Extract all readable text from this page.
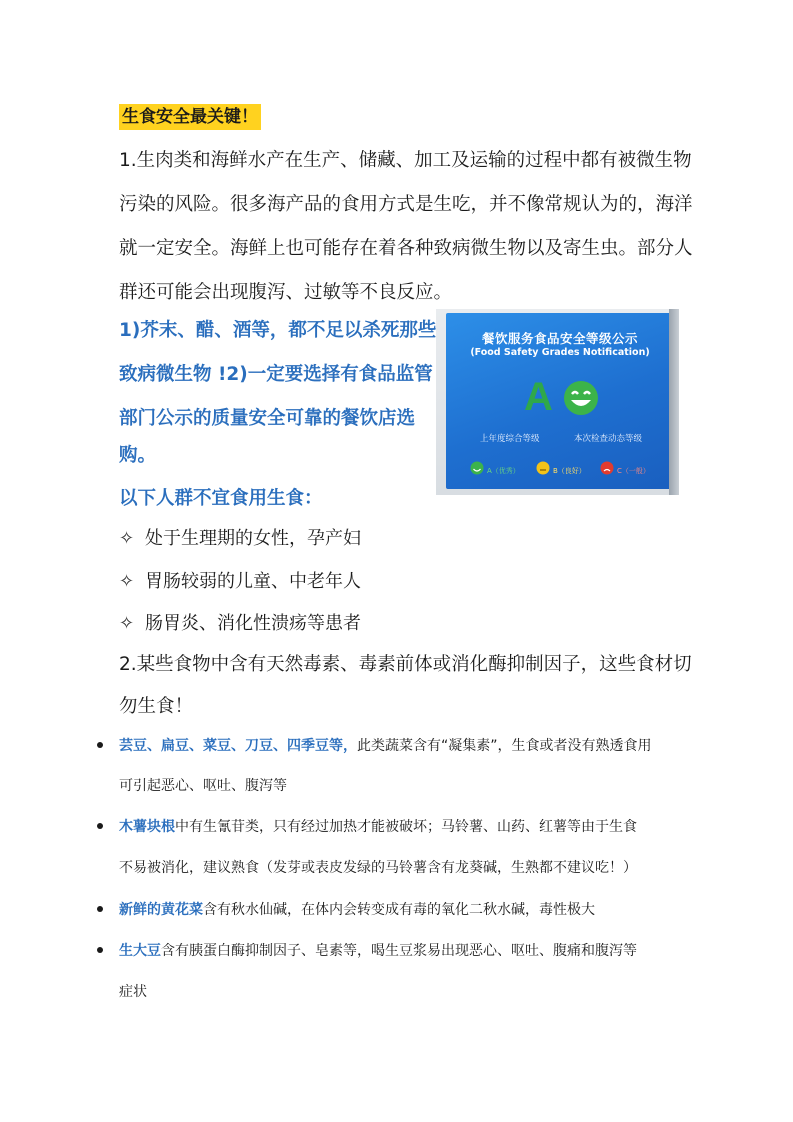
生食安全最关键！
1.生肉类和海鲜水产在生产、储藏、加工及运输的过程中都有被微生物
污染的风险。很多海产品的食用方式是生吃，并不像常规认为的，海洋
就一定安全。海鲜上也可能存在着各种致病微生物以及寄生虫。部分人
群还可能会出现腹泻、过敏等不良反应。
1)芥末、醋、酒等，都不足以杀死那些
致病微生物 !2)一定要选择有食品监管
部门公示的质量安全可靠的餐饮店选
购。
以下人群不宜食用生食：
✧ 处于生理期的女性，孕产妇
✧ 胃肠较弱的儿童、中老年人
✧ 肠胃炎、消化性溃疡等患者
2.某些食物中含有天然毒素、毒素前体或消化酶抑制因子，这些食材切
勿生食！
芸豆、扁豆、菜豆、刀豆、四季豆等，此类蔬菜含有“凝集素”，生食或者没有熟透食用
可引起恶心、呕吐、腹泻等
木薯块根中有生氰苷类，只有经过加热才能被破坏；马铃薯、山药、红薯等由于生食
不易被消化，建议熟食（发芽或表皮发绿的马铃薯含有龙葵碱，生熟都不建议吃！）
新鲜的黄花菜含有秋水仙碱，在体内会转变成有毒的氧化二秋水碱，毒性极大
生大豆含有胰蛋白酶抑制因子、皂素等，喝生豆浆易出现恶心、呕吐、腹痛和腹泻等
症状
餐饮服务食品安全等级公示
(Food Safety Grades Notification)
A
上年度综合等级	本次检查动态等级
A（优秀）	B（良好）	C（一般）
